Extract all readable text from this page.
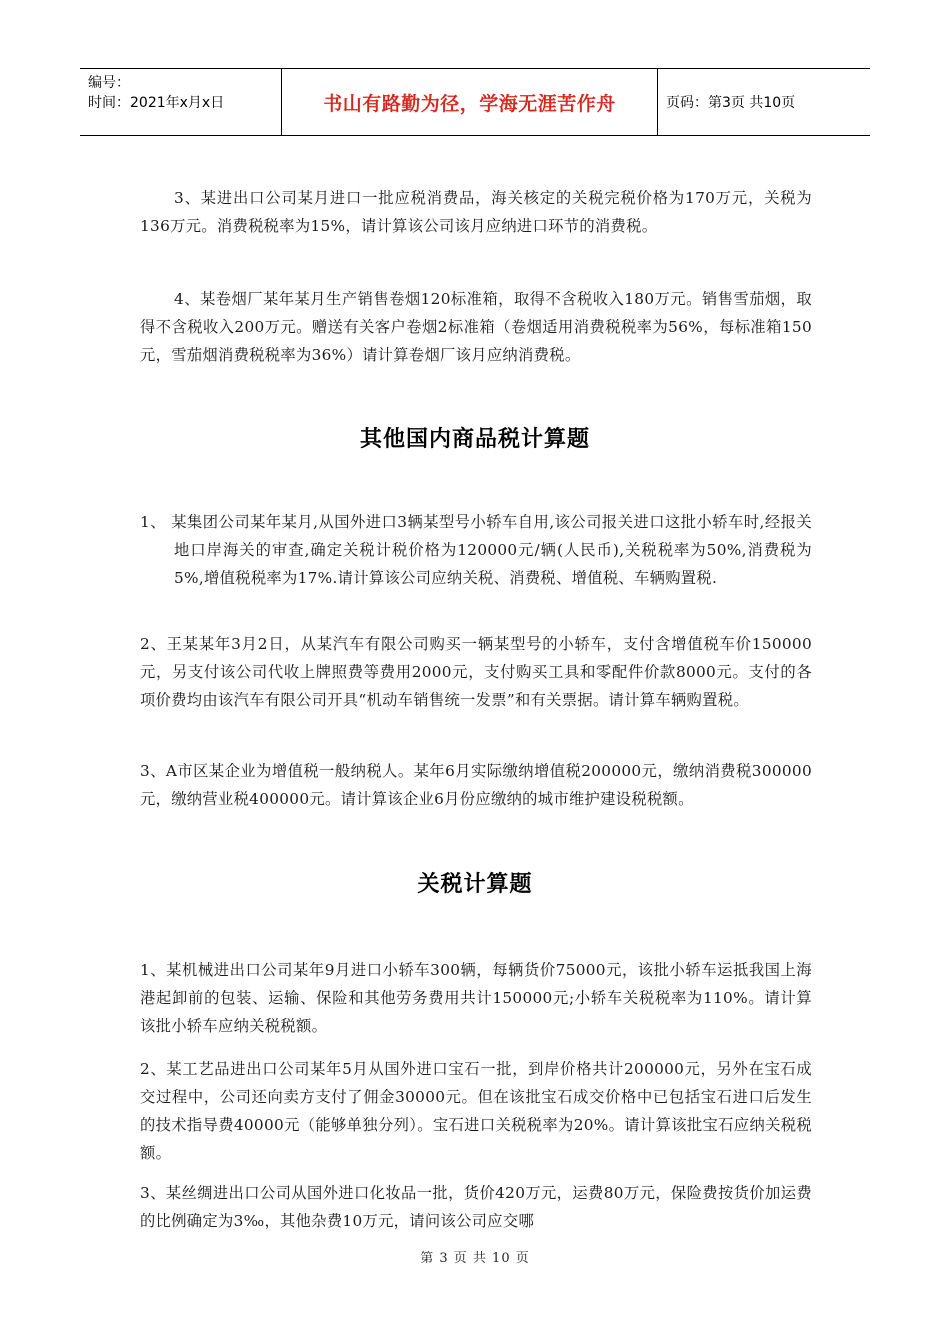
编号：
时间：2021年x月x日	书山有路勤为径，学海无涯苦作舟	页码：第3页 共10页
3、某进出口公司某月进口一批应税消费品，海关核定的关税完税价格为170万元，关税为136万元。消费税税率为15%，请计算该公司该月应纳进口环节的消费税。
4、某卷烟厂某年某月生产销售卷烟120标准箱，取得不含税收入180万元。销售雪茄烟，取得不含税收入200万元。赠送有关客户卷烟2标准箱（卷烟适用消费税税率为56%，每标准箱150元，雪茄烟消费税税率为36%）请计算卷烟厂该月应纳消费税。
其他国内商品税计算题
1、 某集团公司某年某月,从国外进口3辆某型号小轿车自用,该公司报关进口这批小轿车时,经报关地口岸海关的审查,确定关税计税价格为120000元/辆(人民币),关税税率为50%,消费税为5%,增值税税率为17%.请计算该公司应纳关税、消费税、增值税、车辆购置税.
2、王某某年3月2日，从某汽车有限公司购买一辆某型号的小轿车，支付含增值税车价150000元，另支付该公司代收上牌照费等费用2000元，支付购买工具和零配件价款8000元。支付的各项价费均由该汽车有限公司开具“机动车销售统一发票”和有关票据。请计算车辆购置税。
3、A市区某企业为增值税一般纳税人。某年6月实际缴纳增值税200000元，缴纳消费税300000元，缴纳营业税400000元。请计算该企业6月份应缴纳的城市维护建设税税额。
关税计算题
1、某机械进出口公司某年9月进口小轿车300辆，每辆货价75000元，该批小轿车运抵我国上海港起卸前的包装、运输、保险和其他劳务费用共计150000元;小轿车关税税率为110%。请计算该批小轿车应纳关税税额。
2、某工艺品进出口公司某年5月从国外进口宝石一批，到岸价格共计200000元，另外在宝石成交过程中，公司还向卖方支付了佣金30000元。但在该批宝石成交价格中已包括宝石进口后发生的技术指导费40000元（能够单独分列）。宝石进口关税税率为20%。请计算该批宝石应纳关税税额。
3、某丝绸进出口公司从国外进口化妆品一批，货价420万元，运费80万元，保险费按货价加运费的比例确定为3‰，其他杂费10万元，请问该公司应交哪
第 3 页 共 10 页
